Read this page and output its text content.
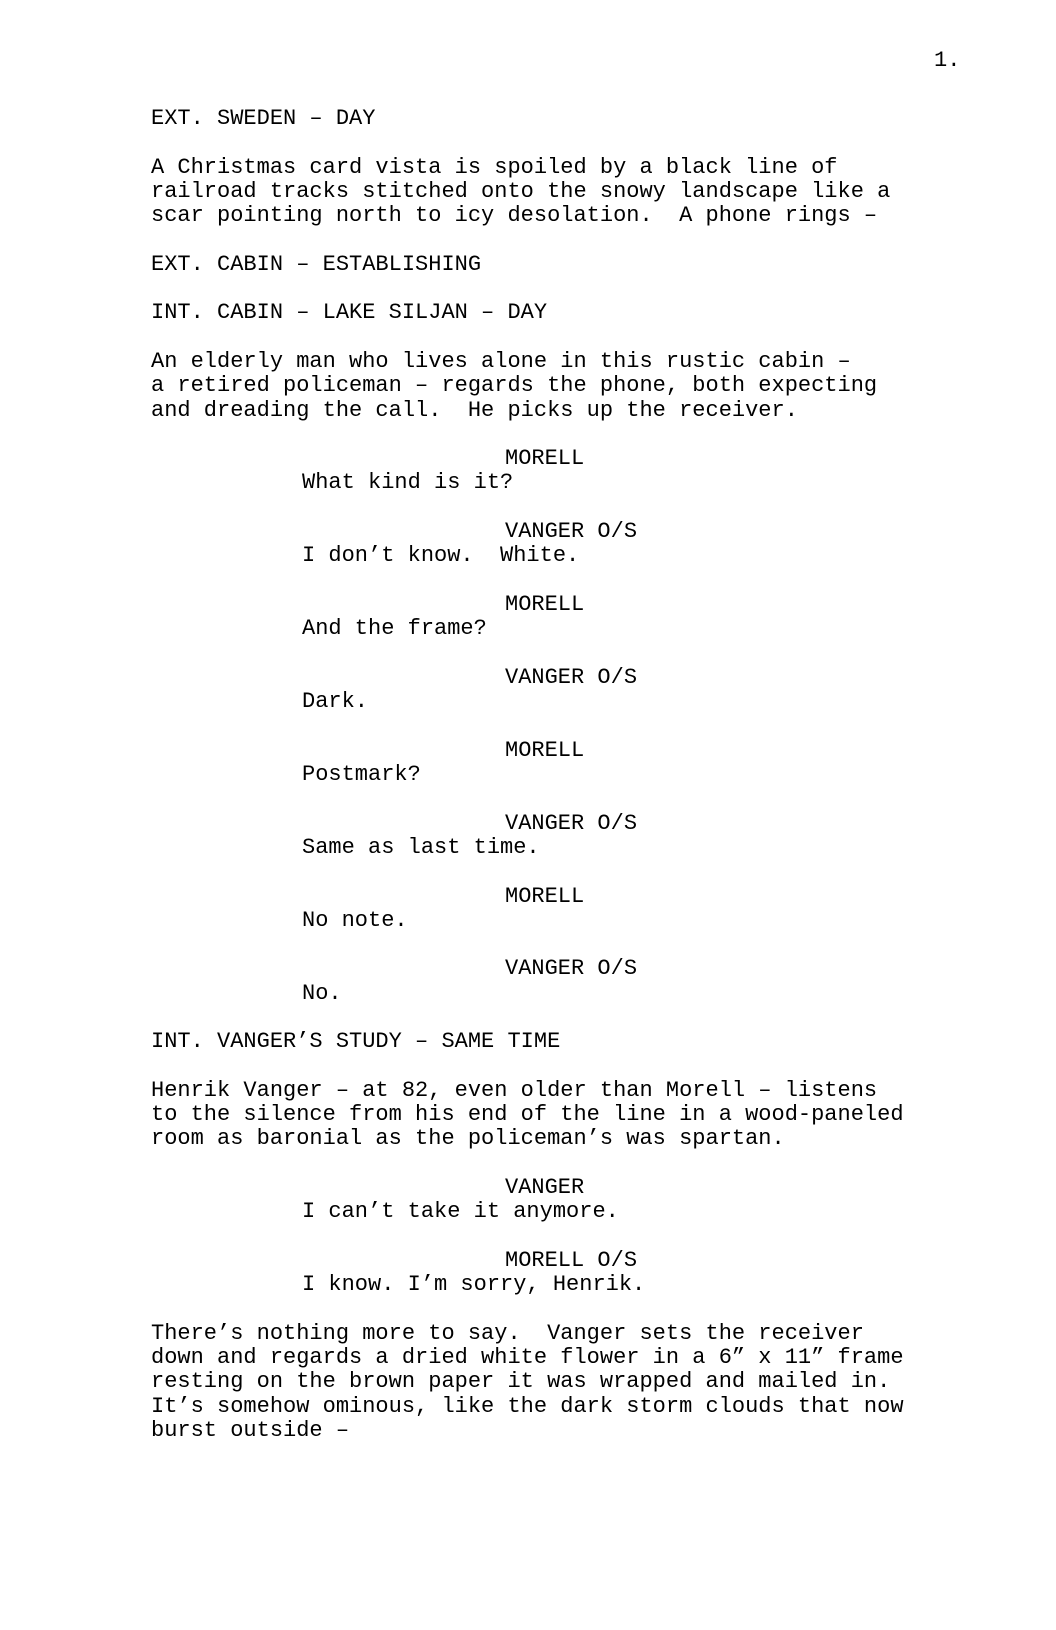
1.

EXT. SWEDEN – DAY

A Christmas card vista is spoiled by a black line of
railroad tracks stitched onto the snowy landscape like a
scar pointing north to icy desolation.  A phone rings –

EXT. CABIN – ESTABLISHING

INT. CABIN – LAKE SILJAN – DAY

An elderly man who lives alone in this rustic cabin –
a retired policeman – regards the phone, both expecting
and dreading the call.  He picks up the receiver.

MORELL

What kind is it?

VANGER O/S

I don’t know.  White.

MORELL

And the frame?

VANGER O/S

Dark.

MORELL

Postmark?

VANGER O/S

Same as last time.

MORELL

No note.

VANGER O/S

No.

INT. VANGER’S STUDY – SAME TIME

Henrik Vanger – at 82, even older than Morell – listens
to the silence from his end of the line in a wood-paneled
room as baronial as the policeman’s was spartan.

VANGER

I can’t take it anymore.

MORELL O/S

I know. I’m sorry, Henrik.

There’s nothing more to say.  Vanger sets the receiver
down and regards a dried white flower in a 6” x 11” frame
resting on the brown paper it was wrapped and mailed in.
It’s somehow ominous, like the dark storm clouds that now
burst outside –
